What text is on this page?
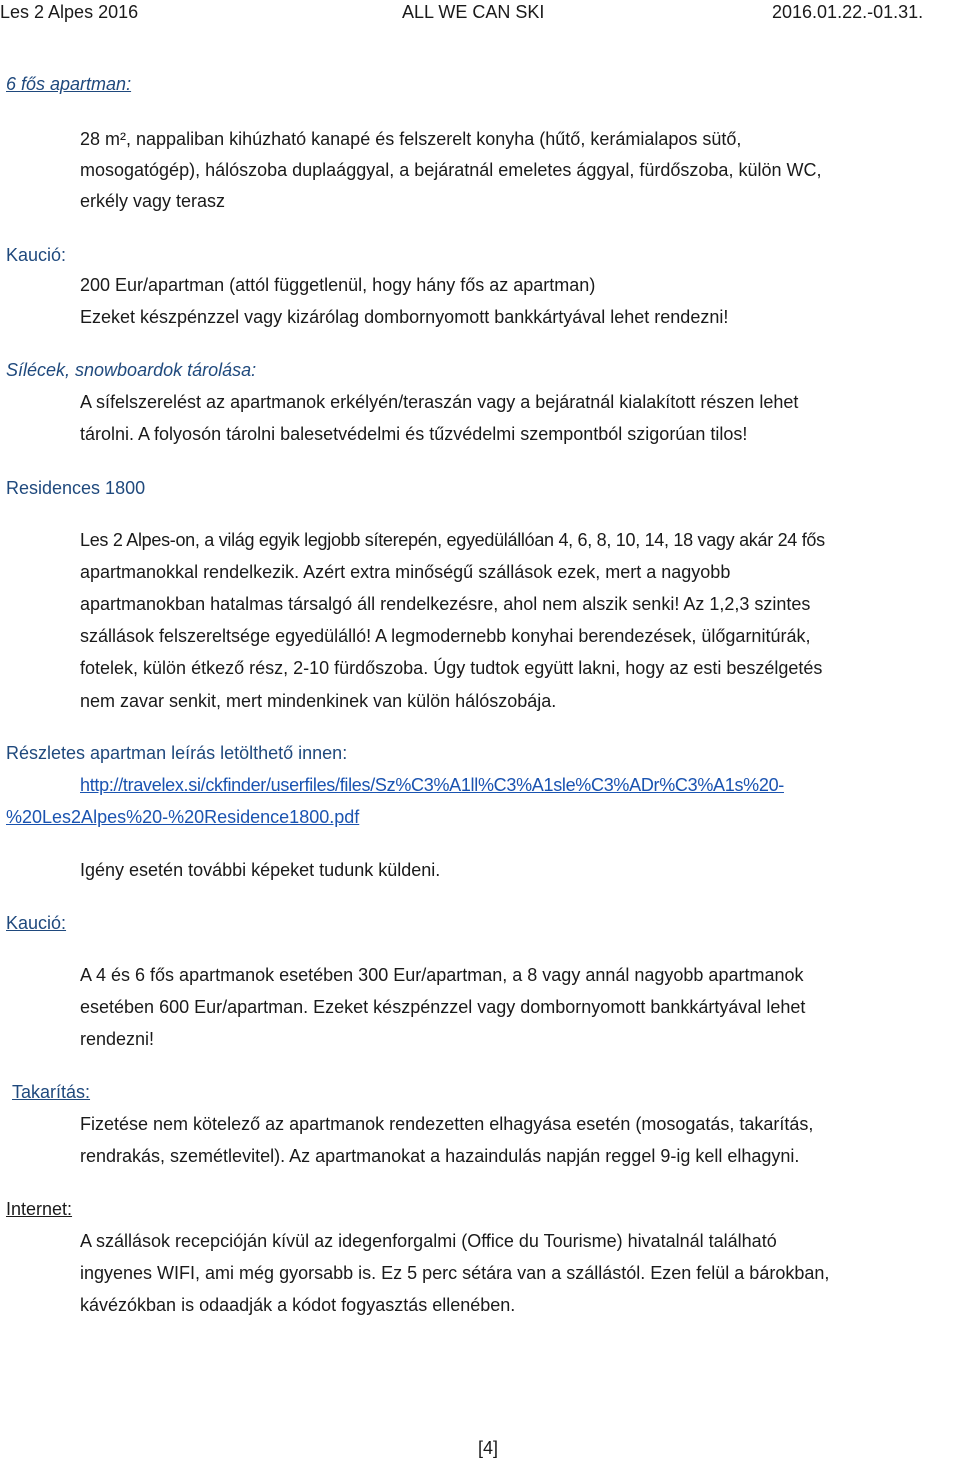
Les 2 Alpes 2016	ALL WE CAN SKI	2016.01.22.-01.31.
6 fős apartman:
28 m², nappaliban kihúzható kanapé és felszerelt konyha (hűtő, kerámialapos sütő,
mosogatógép), hálószoba duplaággyal, a bejáratnál emeletes ággyal, fürdőszoba, külön WC,
erkély vagy terasz
Kaució:
200 Eur/apartman (attól függetlenül, hogy hány fős az apartman)
Ezeket készpénzzel vagy kizárólag dombornyomott bankkártyával lehet rendezni!
Sílécek, snowboardok tárolása:
A sífelszerelést az apartmanok erkélyén/teraszán vagy a bejáratnál kialakított részen lehet
tárolni. A folyosón tárolni balesetvédelmi és tűzvédelmi szempontból szigorúan tilos!
Residences 1800
Les 2 Alpes-on, a világ egyik legjobb síterepén, egyedülállóan 4, 6, 8, 10, 14, 18 vagy akár 24 fős
apartmanokkal rendelkezik. Azért extra minőségű szállások ezek, mert a nagyobb
apartmanokban hatalmas társalgó áll rendelkezésre, ahol nem alszik senki! Az 1,2,3 szintes
szállások felszereltsége egyedülálló! A legmodernebb konyhai berendezések, ülőgarnitúrák,
fotelek, külön étkező rész, 2-10 fürdőszoba. Úgy tudtok együtt lakni, hogy az esti beszélgetés
nem zavar senkit, mert mindenkinek van külön hálószobája.
Részletes apartman leírás letölthető innen:
http://travelex.si/ckfinder/userfiles/files/Sz%C3%A1ll%C3%A1sle%C3%ADr%C3%A1s%20-
%20Les2Alpes%20-%20Residence1800.pdf
Igény esetén további képeket tudunk küldeni.
Kaució:
A 4 és 6 fős apartmanok esetében 300 Eur/apartman, a 8 vagy annál nagyobb apartmanok
esetében 600 Eur/apartman. Ezeket készpénzzel vagy dombornyomott bankkártyával lehet
rendezni!
Takarítás:
Fizetése nem kötelező az apartmanok rendezetten elhagyása esetén (mosogatás, takarítás,
rendrakás, szemétlevitel). Az apartmanokat a hazaindulás napján reggel 9-ig kell elhagyni.
Internet:
A szállások recepcióján kívül az idegenforgalmi (Office du Tourisme) hivatalnál található
ingyenes WIFI, ami még gyorsabb is. Ez 5 perc sétára van a szállástól. Ezen felül a bárokban,
kávézókban is odaadják a kódot fogyasztás ellenében.
[4]
